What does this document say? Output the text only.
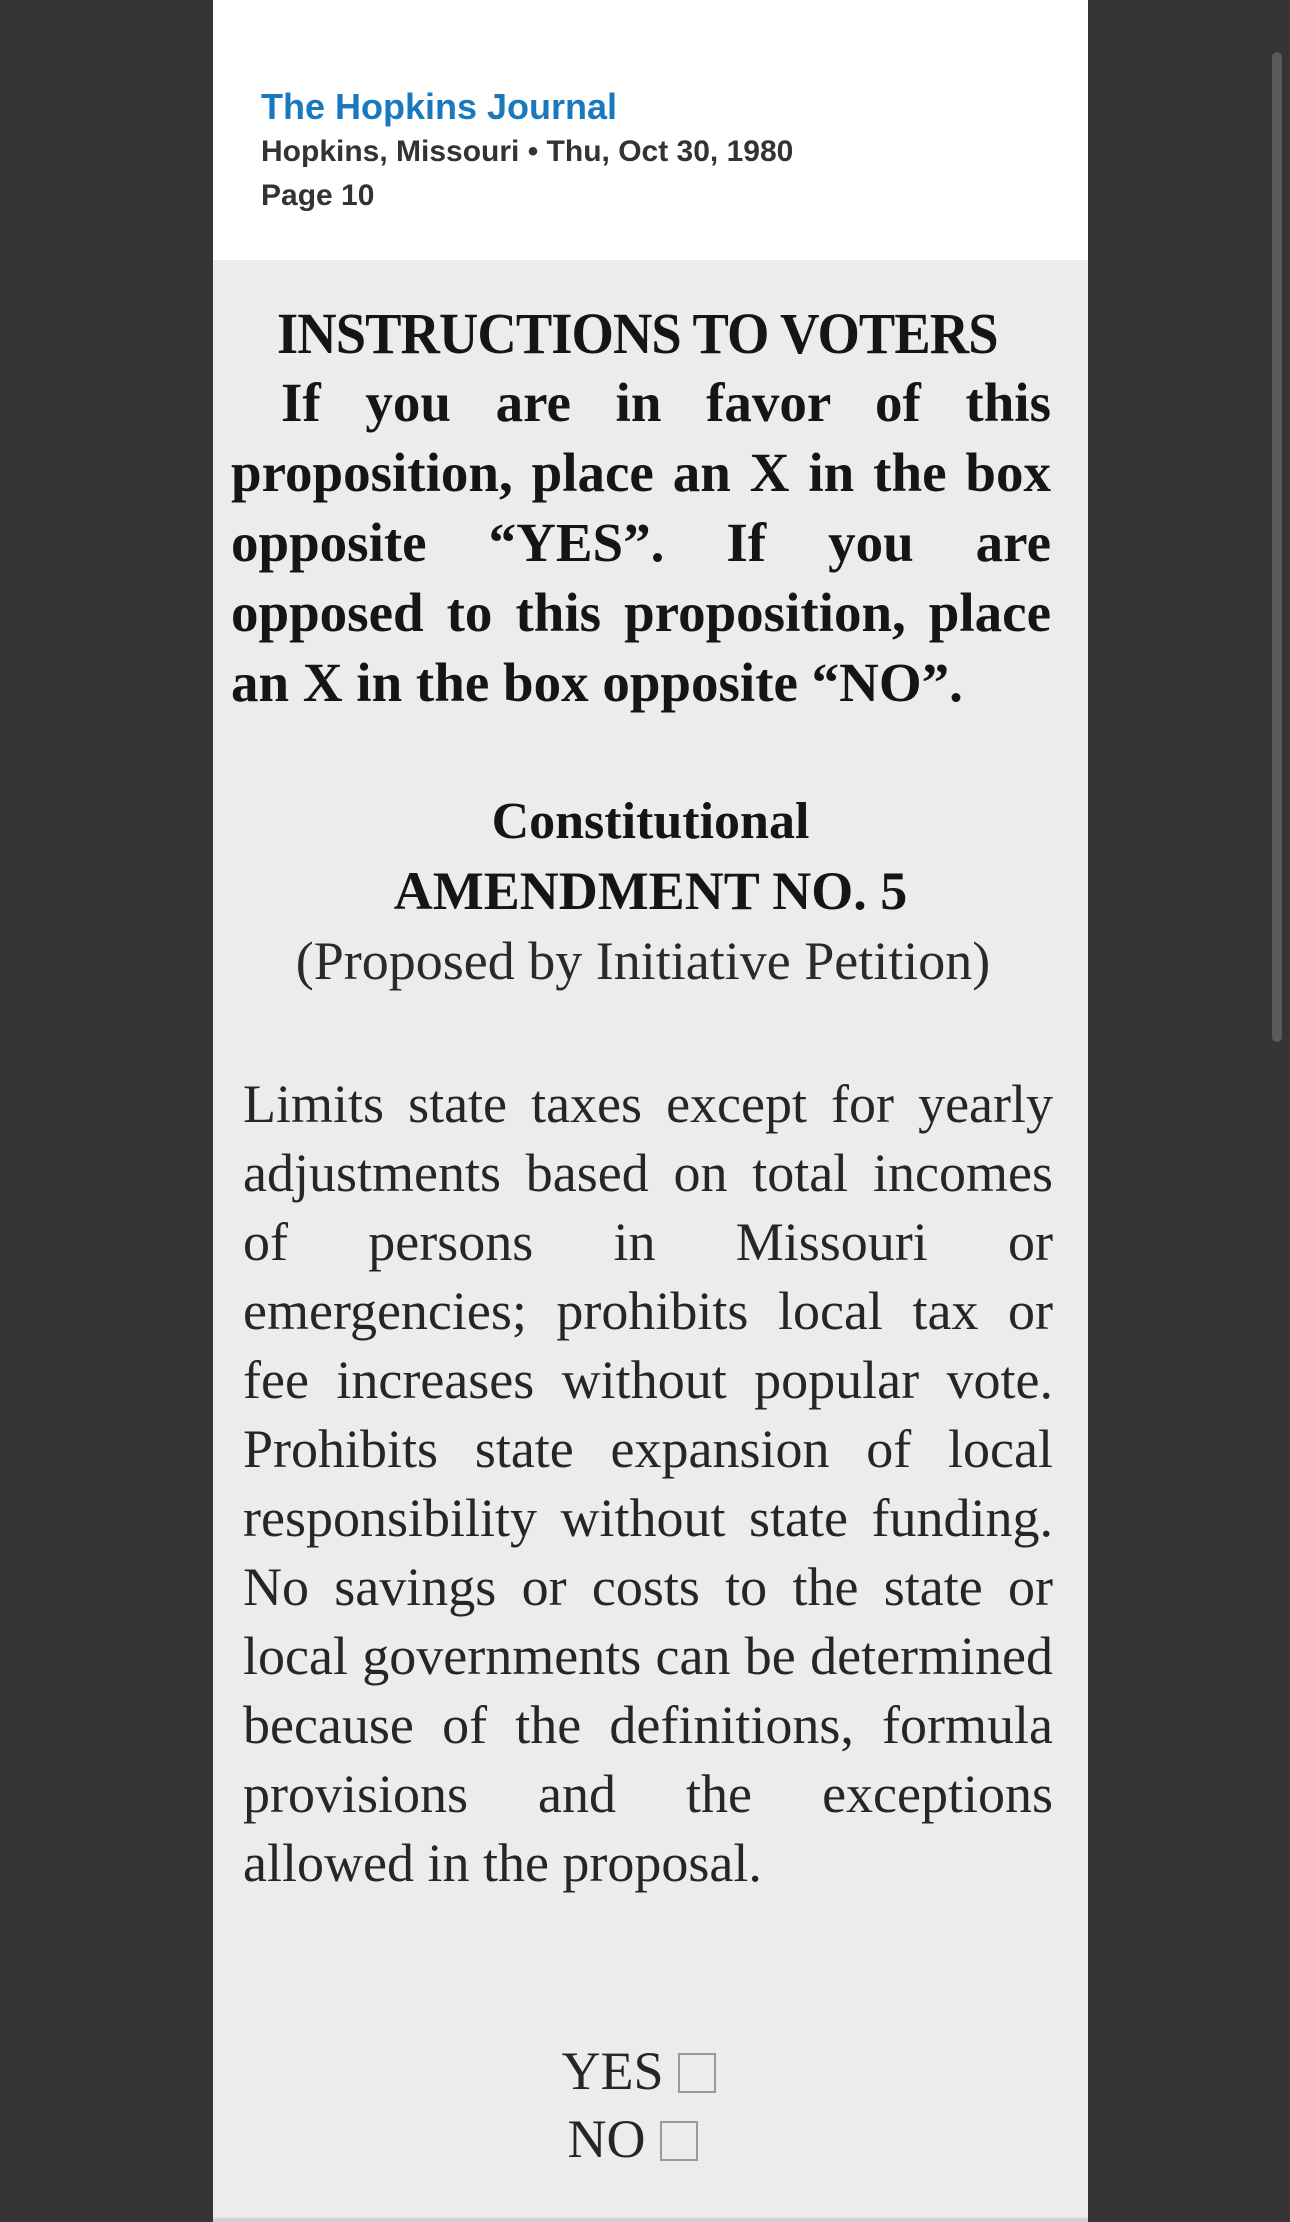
The Hopkins Journal
Hopkins, Missouri • Thu, Oct 30, 1980
Page 10
INSTRUCTIONS TO VOTERS
If you are in favor of this proposition, place an X in the box opposite “YES”. If you are opposed to this proposition, place an X in the box opposite “NO”.
Constitutional
AMENDMENT NO. 5
(Proposed by Initiative Petition)
Limits state taxes except for yearly adjustments based on total incomes of persons in Missouri or emergencies; prohibits local tax or fee increases without popular vote. Prohibits state expansion of local responsibility without state funding. No savings or costs to the state or local governments can be determined because of the definitions, formula provisions and the exceptions allowed in the proposal.
YES
NO
